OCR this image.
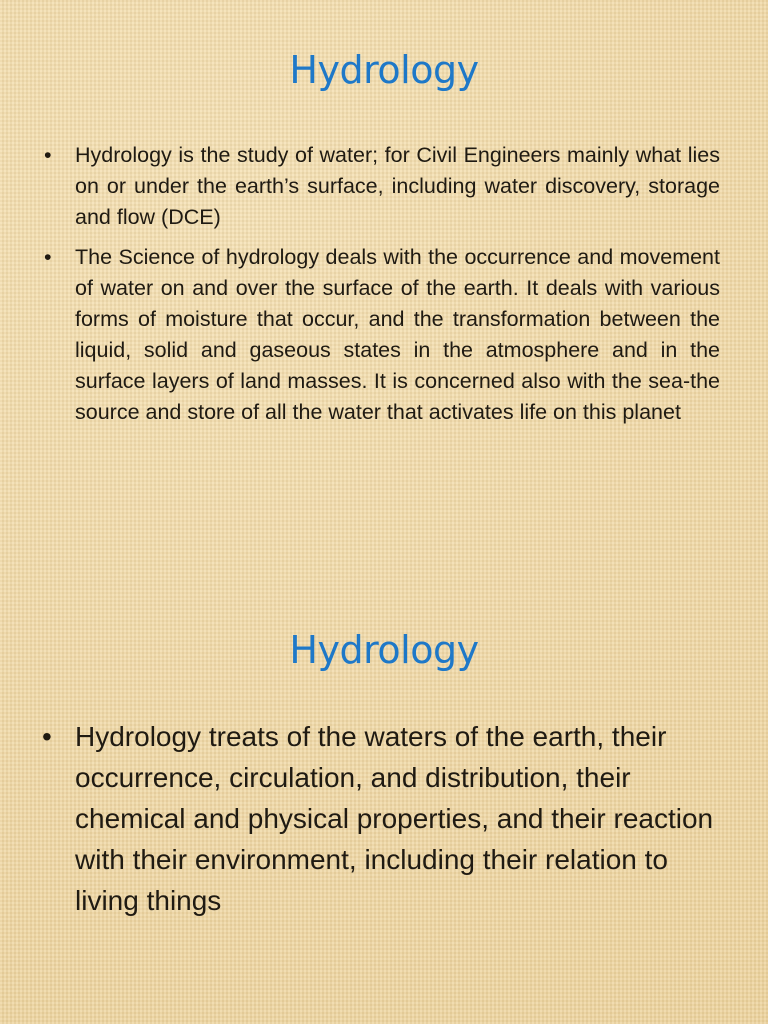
Hydrology
• Hydrology is the study of water; for Civil Engineers mainly what lies on or under the earth’s surface, including water discovery, storage and flow (DCE)
• The Science of hydrology deals with the occurrence and movement of water on and over the surface of the earth. It deals with various forms of moisture that occur, and the transformation between the liquid, solid and gaseous states in the atmosphere and in the surface layers of land masses. It is concerned also with the sea-the source and store of all the water that activates life on this planet
Hydrology
• Hydrology treats of the waters of the earth, their occurrence, circulation, and distribution, their chemical and physical properties, and their reaction with their environment, including their relation to living things
